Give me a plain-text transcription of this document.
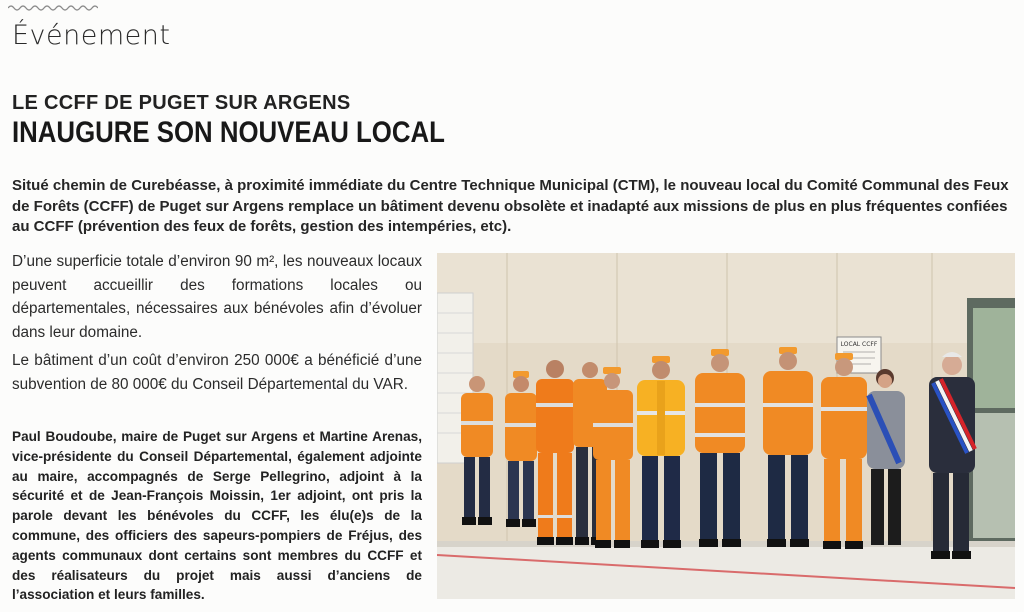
Événement
LE CCFF DE PUGET SUR ARGENS
INAUGURE SON NOUVEAU LOCAL
Situé chemin de Curebéasse, à proximité immédiate du Centre Technique Municipal (CTM), le nouveau local du Comité Communal des Feux de Forêts (CCFF) de Puget sur Argens remplace un bâtiment devenu obsolète et inadapté aux missions de plus en plus fréquentes confiées au CCFF (prévention des feux de forêts, gestion des intempéries, etc).
D’une superficie totale d’environ 90 m², les nouveaux locaux peuvent accueillir des formations locales ou départementales, nécessaires aux bénévoles afin d’évoluer dans leur domaine.
Le bâtiment d’un coût d’environ 250 000€ a bénéficié d’une subvention de 80 000€ du Conseil Départemental du VAR.
Paul Boudoube, maire de Puget sur Argens et Martine Arenas, vice-présidente du Conseil Départemental, également adjointe au maire, accompagnés de Serge Pellegrino, adjoint à la sécurité et de Jean-François Moissin, 1er adjoint, ont pris la parole devant les bénévoles du CCFF, les élu(e)s de la commune, des officiers des sapeurs-pompiers de Fréjus, des agents communaux dont certains sont membres du CCFF et des réalisateurs du projet mais aussi d’anciens de l’association et leurs familles.
LOCAL CCFF
